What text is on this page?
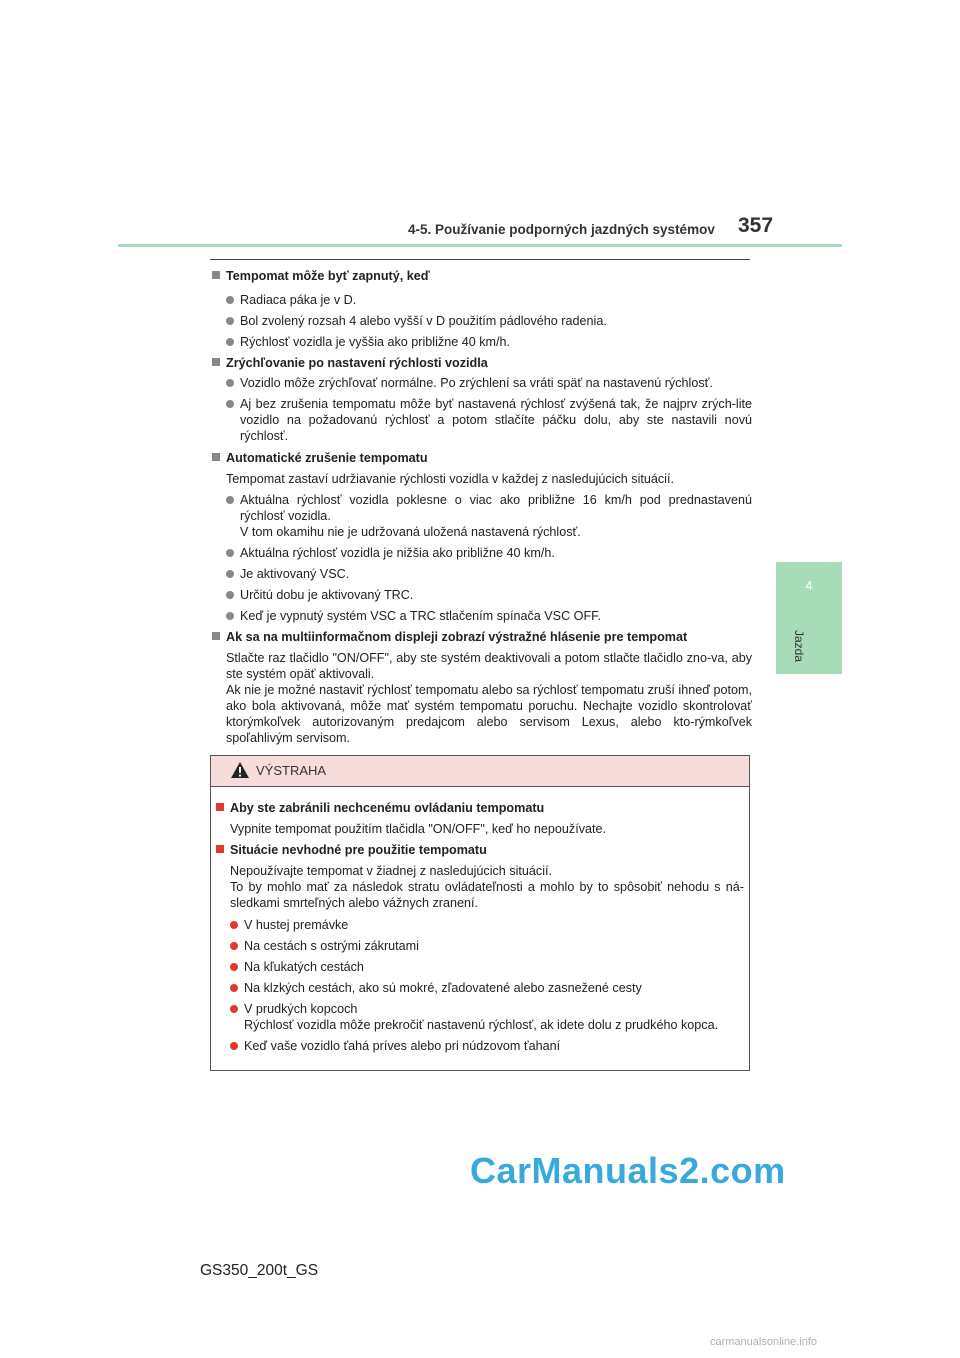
4-5. Používanie podporných jazdných systémov 357
4
Jazda
Tempomat môže byť zapnutý, keď
Radiaca páka je v D.
Bol zvolený rozsah 4 alebo vyšší v D použitím pádlového radenia.
Rýchlosť vozidla je vyššia ako približne 40 km/h.
Zrýchľovanie po nastavení rýchlosti vozidla
Vozidlo môže zrýchľovať normálne. Po zrýchlení sa vráti späť na nastavenú rýchlosť.
Aj bez zrušenia tempomatu môže byť nastavená rýchlosť zvýšená tak, že najprv zrých-lite vozidlo na požadovanú rýchlosť a potom stlačíte páčku dolu, aby ste nastavili novú rýchlosť.
Automatické zrušenie tempomatu
Tempomat zastaví udržiavanie rýchlosti vozidla v každej z nasledujúcich situácií.
Aktuálna rýchlosť vozidla poklesne o viac ako približne 16 km/h pod prednastavenú rýchlosť vozidla.
V tom okamihu nie je udržovaná uložená nastavená rýchlosť.
Aktuálna rýchlosť vozidla je nižšia ako približne 40 km/h.
Je aktivovaný VSC.
Určitú dobu je aktivovaný TRC.
Keď je vypnutý systém VSC a TRC stlačením spínača VSC OFF.
Ak sa na multiinformačnom displeji zobrazí výstražné hlásenie pre tempomat
Stlačte raz tlačidlo "ON/OFF", aby ste systém deaktivovali a potom stlačte tlačidlo zno-va, aby ste systém opäť aktivovali.
Ak nie je možné nastaviť rýchlosť tempomatu alebo sa rýchlosť tempomatu zruší ihneď potom, ako bola aktivovaná, môže mať systém tempomatu poruchu. Nechajte vozidlo skontrolovať ktorýmkoľvek autorizovaným predajcom alebo servisom Lexus, alebo kto-rýmkoľvek spoľahlivým servisom.
VÝSTRAHA
Aby ste zabránili nechcenému ovládaniu tempomatu
Vypnite tempomat použitím tlačidla "ON/OFF", keď ho nepoužívate.
Situácie nevhodné pre použitie tempomatu
Nepoužívajte tempomat v žiadnej z nasledujúcich situácií.
To by mohlo mať za následok stratu ovládateľnosti a mohlo by to spôsobiť nehodu s ná-sledkami smrteľných alebo vážnych zranení.
V hustej premávke
Na cestách s ostrými zákrutami
Na kľukatých cestách
Na klzkých cestách, ako sú mokré, zľadovatené alebo zasnežené cesty
V prudkých kopcoch
Rýchlosť vozidla môže prekročiť nastavenú rýchlosť, ak idete dolu z prudkého kopca.
Keď vaše vozidlo ťahá príves alebo pri núdzovom ťahaní
CarManuals2.com
GS350_200t_GS
carmanualsonline.info
